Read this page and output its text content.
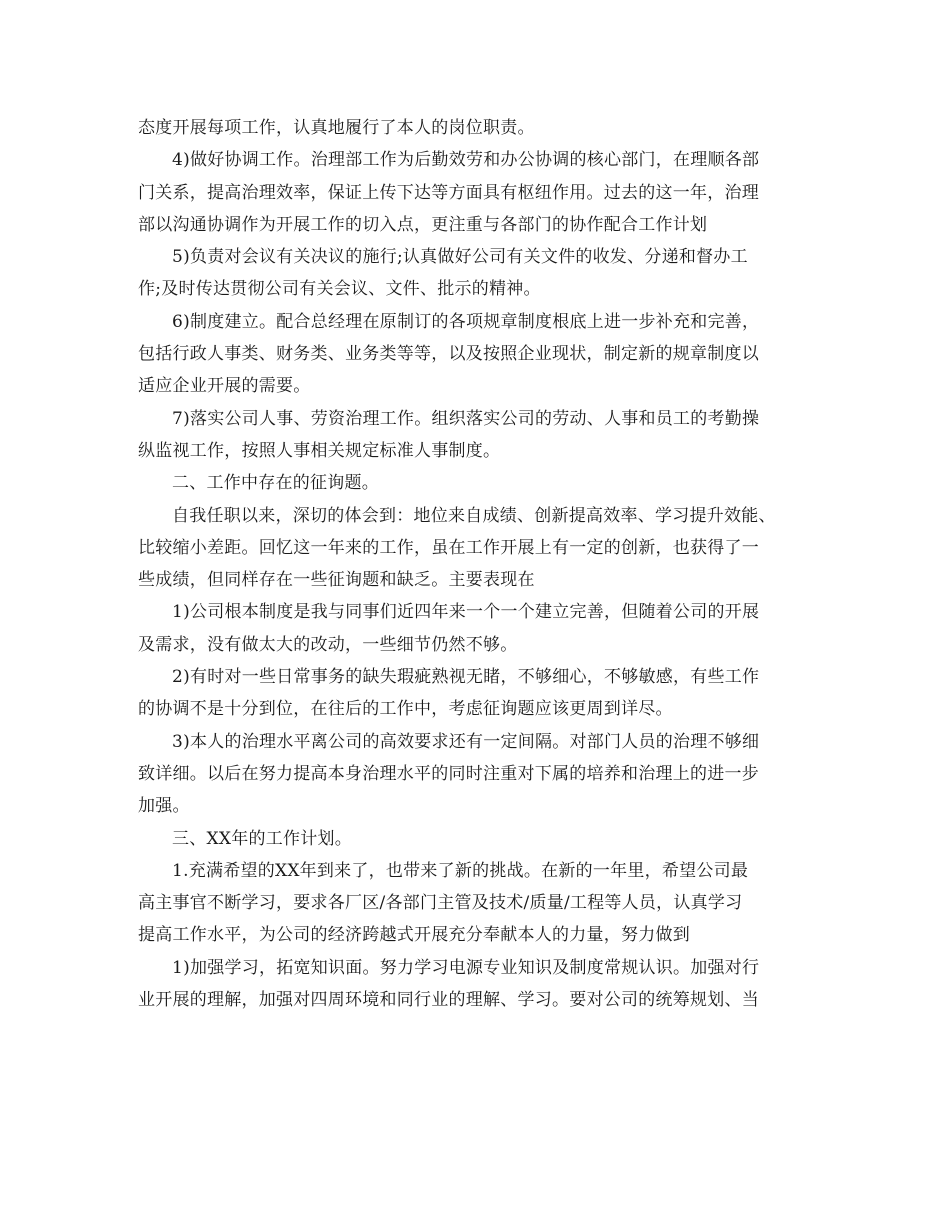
态度开展每项工作，认真地履行了本人的岗位职责。
4)做好协调工作。治理部工作为后勤效劳和办公协调的核心部门，在理顺各部
门关系，提高治理效率，保证上传下达等方面具有枢纽作用。过去的这一年，治理
部以沟通协调作为开展工作的切入点，更注重与各部门的协作配合工作计划
5)负责对会议有关决议的施行;认真做好公司有关文件的收发、分递和督办工
作;及时传达贯彻公司有关会议、文件、批示的精神。
6)制度建立。配合总经理在原制订的各项规章制度根底上进一步补充和完善，
包括行政人事类、财务类、业务类等等，以及按照企业现状，制定新的规章制度以
适应企业开展的需要。
7)落实公司人事、劳资治理工作。组织落实公司的劳动、人事和员工的考勤操
纵监视工作，按照人事相关规定标准人事制度。
二、工作中存在的征询题。
自我任职以来，深切的体会到：地位来自成绩、创新提高效率、学习提升效能、
比较缩小差距。回忆这一年来的工作，虽在工作开展上有一定的创新，也获得了一
些成绩，但同样存在一些征询题和缺乏。主要表现在
1)公司根本制度是我与同事们近四年来一个一个建立完善，但随着公司的开展
及需求，没有做太大的改动，一些细节仍然不够。
2)有时对一些日常事务的缺失瑕疵熟视无睹，不够细心，不够敏感，有些工作
的协调不是十分到位，在往后的工作中，考虑征询题应该更周到详尽。
3)本人的治理水平离公司的高效要求还有一定间隔。对部门人员的治理不够细
致详细。以后在努力提高本身治理水平的同时注重对下属的培养和治理上的进一步
加强。
三、XX年的工作计划。
1.充满希望的XX年到来了，也带来了新的挑战。在新的一年里，希望公司最
高主事官不断学习，要求各厂区/各部门主管及技术/质量/工程等人员，认真学习
提高工作水平，为公司的经济跨越式开展充分奉献本人的力量，努力做到
1)加强学习，拓宽知识面。努力学习电源专业知识及制度常规认识。加强对行
业开展的理解，加强对四周环境和同行业的理解、学习。要对公司的统筹规划、当
